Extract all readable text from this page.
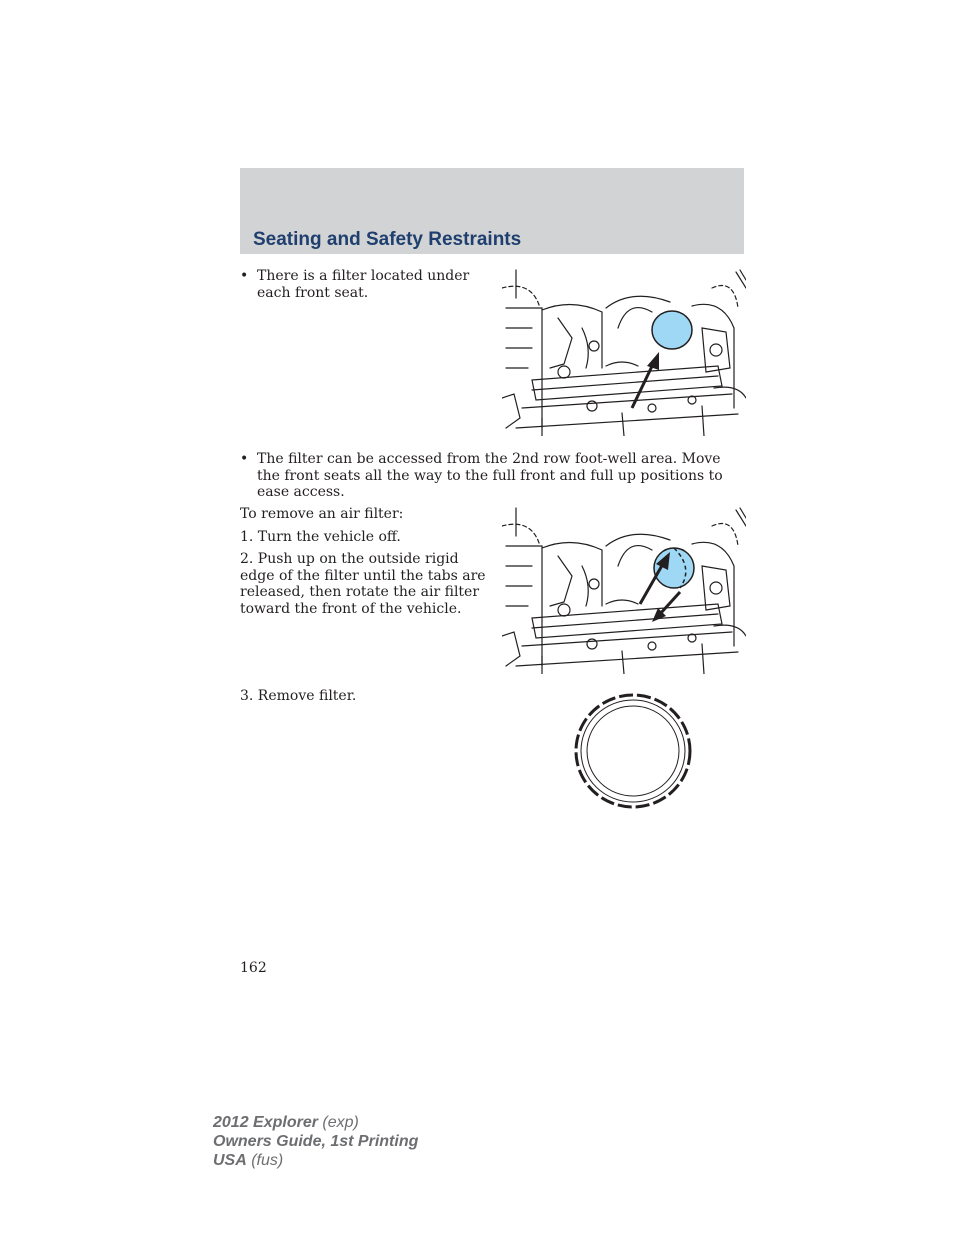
Seating and Safety Restraints
• There is a filter located under each front seat.
• The filter can be accessed from the 2nd row foot-well area. Move the front seats all the way to the full front and full up positions to ease access.

To remove an air filter:

1. Turn the vehicle off.

2. Push up on the outside rigid edge of the filter until the tabs are released, then rotate the air filter toward the front of the vehicle.

3. Remove filter.

162
2012 Explorer (exp)
Owners Guide, 1st Printing
USA (fus)
